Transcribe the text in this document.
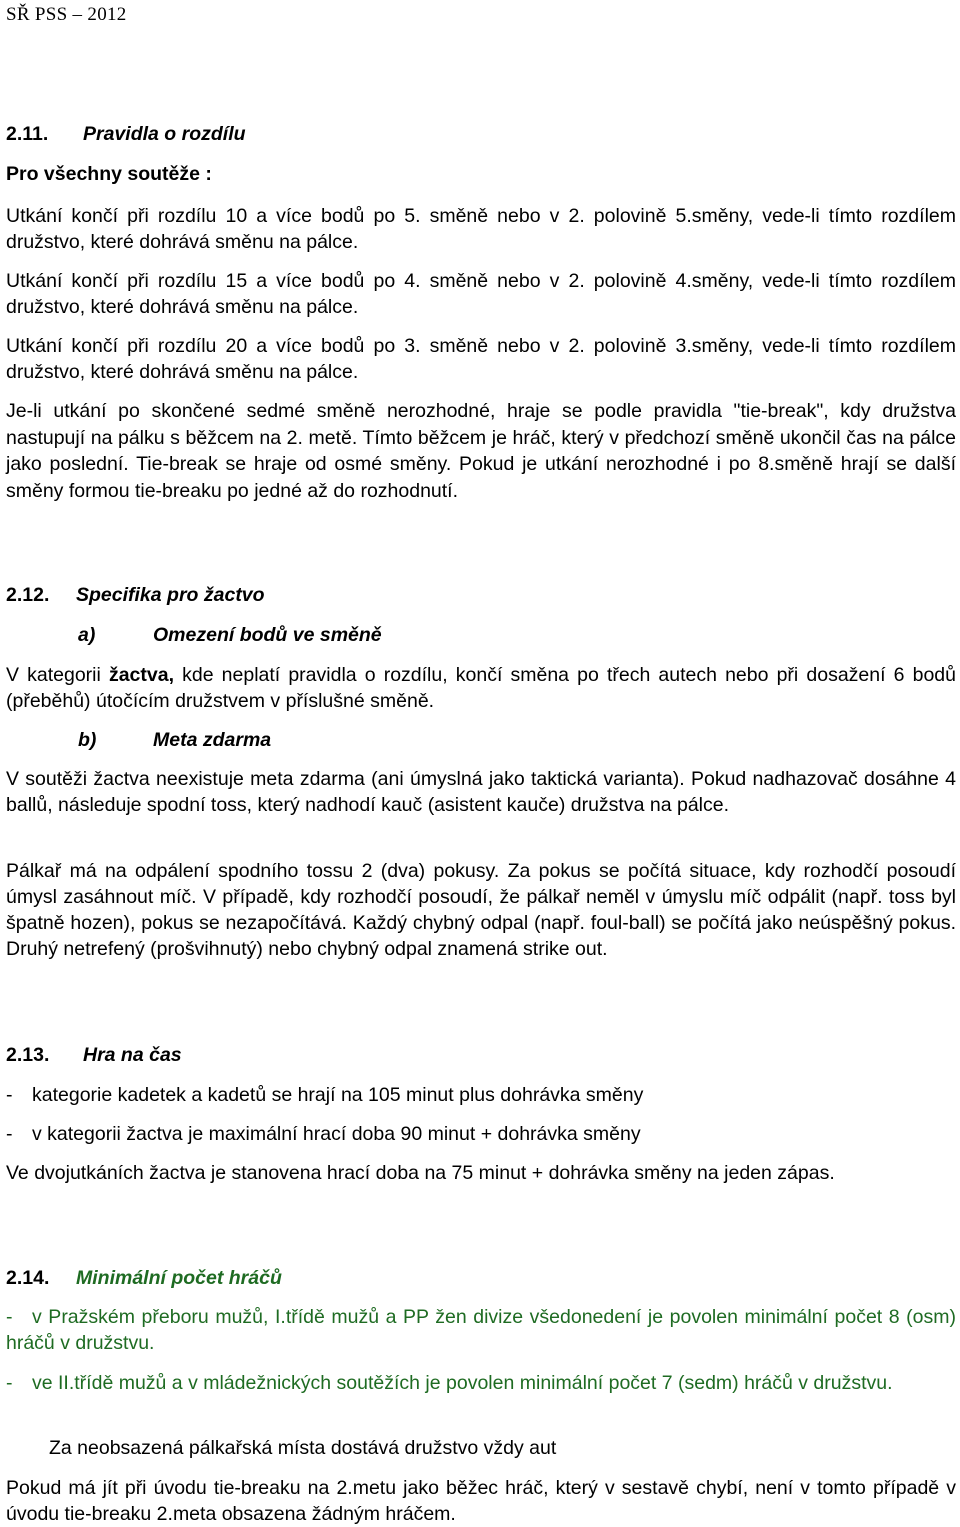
SŘ PSS – 2012
2.11. Pravidla o rozdílu
Pro všechny soutěže :
Utkání končí při rozdílu 10 a více bodů po 5. směně nebo v 2. polovině 5.směny, vede-li tímto rozdílem družstvo, které dohrává směnu na pálce.
Utkání končí při rozdílu 15 a více bodů po 4. směně nebo v 2. polovině 4.směny, vede-li tímto rozdílem družstvo, které dohrává směnu na pálce.
Utkání končí při rozdílu 20 a více bodů po 3. směně nebo v 2. polovině 3.směny, vede-li tímto rozdílem družstvo, které dohrává směnu na pálce.
Je-li utkání po skončené sedmé směně nerozhodné, hraje se podle pravidla "tie-break", kdy družstva nastupují na pálku s běžcem na 2. metě. Tímto běžcem je hráč, který v předchozí směně ukončil čas na pálce jako poslední. Tie-break se hraje od osmé směny. Pokud je utkání nerozhodné i po 8.směně hrají se další směny formou tie-breaku po jedné až do rozhodnutí.
2.12. Specifika pro žactvo
a)	Omezení bodů ve směně
V kategorii žactva, kde neplatí pravidla o rozdílu, končí směna po třech autech nebo při dosažení 6 bodů (přeběhů) útočícím družstvem v příslušné směně.
b)	Meta zdarma
V soutěži žactva neexistuje meta zdarma (ani úmyslná jako taktická varianta). Pokud nadhazovač dosáhne 4 ballů, následuje spodní toss, který nadhodí kauč (asistent kauče) družstva na pálce.
Pálkař má na odpálení spodního tossu 2 (dva) pokusy. Za pokus se počítá situace, kdy rozhodčí posoudí úmysl zasáhnout míč. V případě, kdy rozhodčí posoudí, že pálkař neměl v úmyslu míč odpálit (např. toss byl špatně hozen), pokus se nezapočítává. Každý chybný odpal (např. foul-ball) se počítá jako neúspěšný pokus. Druhý netrefený (prošvihnutý) nebo chybný odpal znamená strike out.
2.13. Hra na čas
- kategorie kadetek a kadetů se hrají na 105 minut plus dohrávka směny
- v kategorii žactva je maximální hrací doba 90 minut + dohrávka směny
Ve dvojutkáních žactva je stanovena hrací doba na 75 minut + dohrávka směny na jeden zápas.
2.14. Minimální počet hráčů
- v Pražském přeboru mužů, I.třídě mužů a PP žen divize všedonedení je povolen minimální počet 8 (osm) hráčů v družstvu.
- ve II.třídě mužů a v mládežnických soutěžích je povolen minimální počet 7 (sedm) hráčů v družstvu.
Za neobsazená pálkařská místa dostává družstvo vždy aut
Pokud má jít při úvodu tie-breaku na 2.metu jako běžec hráč, který v sestavě chybí, není v tomto případě v úvodu tie-breaku 2.meta obsazena žádným hráčem.
